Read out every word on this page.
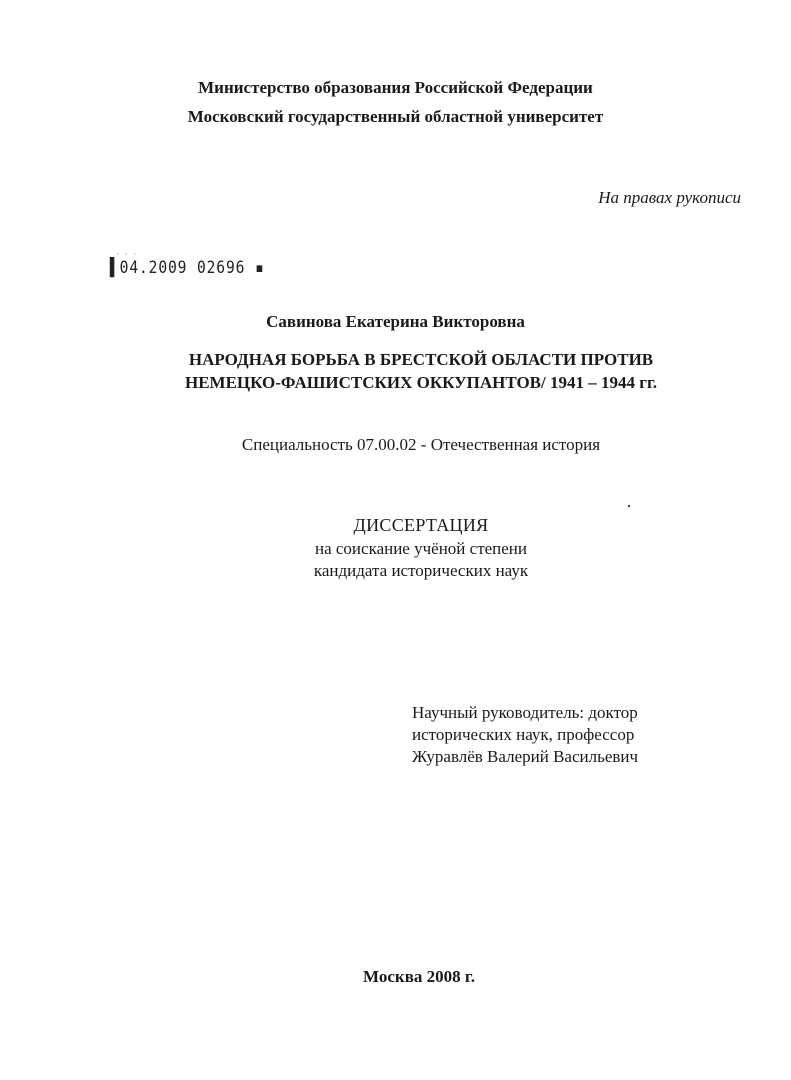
Министерство образования Российской Федерации
Московский государственный областной университет
На правах рукописи
· · ·
▌04.2009 02696 ▪
Савинова Екатерина Викторовна
НАРОДНАЯ БОРЬБА В БРЕСТСКОЙ ОБЛАСТИ ПРОТИВ
НЕМЕЦКО-ФАШИСТСКИХ ОККУПАНТОВ/ 1941 – 1944 гг.
Специальность 07.00.02 - Отечественная история
ДИССЕРТАЦИЯ
на соискание учёной степени
кандидата исторических наук
Научный руководитель: доктор
исторических наук, профессор
Журавлёв Валерий Васильевич
Москва 2008 г.
